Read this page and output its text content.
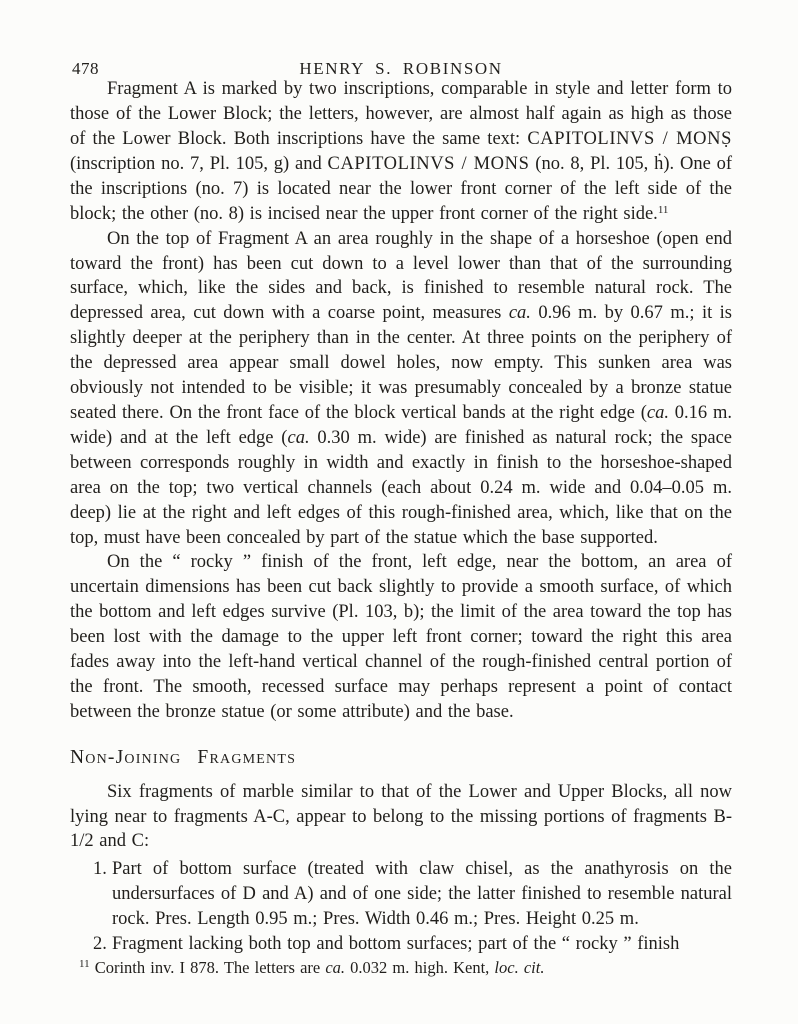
478	HENRY S. ROBINSON

Fragment A is marked by two inscriptions, comparable in style and letter form to those of the Lower Block; the letters, however, are almost half again as high as those of the Lower Block. Both inscriptions have the same text: CAPITOLINVS / MONṢ (inscription no. 7, Pl. 105, g) and CAPITOLINVS / MONS (no. 8, Pl. 105, ḣ). One of the inscriptions (no. 7) is located near the lower front corner of the left side of the block; the other (no. 8) is incised near the upper front corner of the right side.$^{11}$

On the top of Fragment A an area roughly in the shape of a horseshoe (open end toward the front) has been cut down to a level lower than that of the surrounding surface, which, like the sides and back, is finished to resemble natural rock. The depressed area, cut down with a coarse point, measures ca. 0.96 m. by 0.67 m.; it is slightly deeper at the periphery than in the center. At three points on the periphery of the depressed area appear small dowel holes, now empty. This sunken area was obviously not intended to be visible; it was presumably concealed by a bronze statue seated there. On the front face of the block vertical bands at the right edge (ca. 0.16 m. wide) and at the left edge (ca. 0.30 m. wide) are finished as natural rock; the space between corresponds roughly in width and exactly in finish to the horseshoe-shaped area on the top; two vertical channels (each about 0.24 m. wide and 0.04–0.05 m. deep) lie at the right and left edges of this rough-finished area, which, like that on the top, must have been concealed by part of the statue which the base supported.

On the “ rocky ” finish of the front, left edge, near the bottom, an area of uncertain dimensions has been cut back slightly to provide a smooth surface, of which the bottom and left edges survive (Pl. 103, b); the limit of the area toward the top has been lost with the damage to the upper left front corner; toward the right this area fades away into the left-hand vertical channel of the rough-finished central portion of the front. The smooth, recessed surface may perhaps represent a point of contact between the bronze statue (or some attribute) and the base.

Non-Joining Fragments

Six fragments of marble similar to that of the Lower and Upper Blocks, all now lying near to fragments A-C, appear to belong to the missing portions of fragments B-1/2 and C:

1. Part of bottom surface (treated with claw chisel, as the anathyrosis on the undersurfaces of D and A) and of one side; the latter finished to resemble natural rock. Pres. Length 0.95 m.; Pres. Width 0.46 m.; Pres. Height 0.25 m.
2. Fragment lacking both top and bottom surfaces; part of the “ rocky ” finish
$^{11}$ Corinth inv. I 878. The letters are ca. 0.032 m. high. Kent, loc. cit.
